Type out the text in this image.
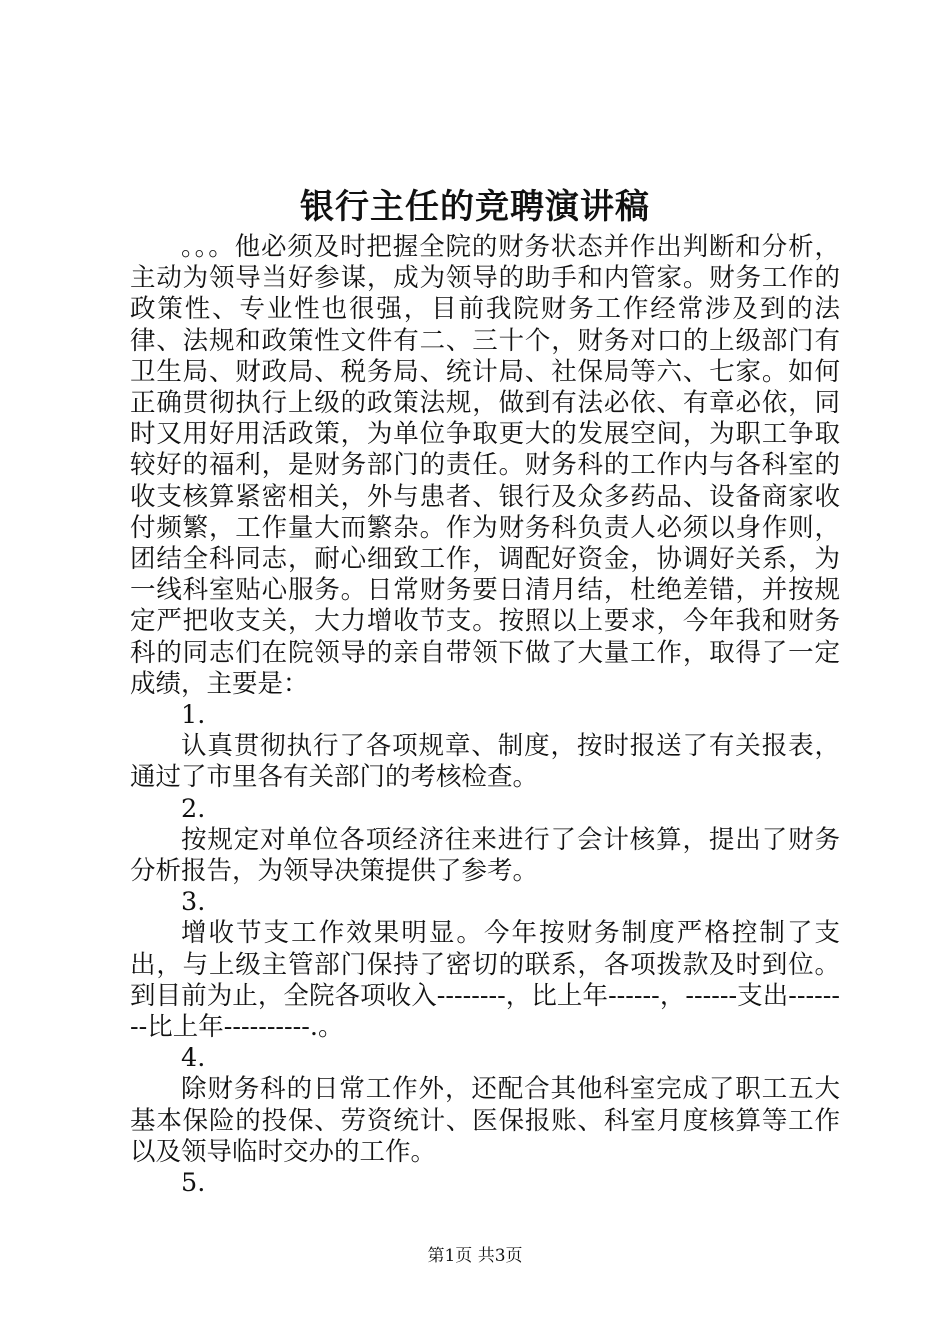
银行主任的竞聘演讲稿

。。。他必须及时把握全院的财务状态并作出判断和分析，主动为领导当好参谋，成为领导的助手和内管家。财务工作的政策性、专业性也很强，目前我院财务工作经常涉及到的法律、法规和政策性文件有二、三十个，财务对口的上级部门有卫生局、财政局、税务局、统计局、社保局等六、七家。如何正确贯彻执行上级的政策法规，做到有法必依、有章必依，同时又用好用活政策，为单位争取更大的发展空间，为职工争取较好的福利，是财务部门的责任。财务科的工作内与各科室的收支核算紧密相关，外与患者、银行及众多药品、设备商家收付频繁，工作量大而繁杂。作为财务科负责人必须以身作则，团结全科同志，耐心细致工作，调配好资金，协调好关系，为一线科室贴心服务。日常财务要日清月结，杜绝差错，并按规定严把收支关，大力增收节支。按照以上要求，今年我和财务科的同志们在院领导的亲自带领下做了大量工作，取得了一定成绩，主要是：

1.

认真贯彻执行了各项规章、制度，按时报送了有关报表，通过了市里各有关部门的考核检查。

2.

按规定对单位各项经济往来进行了会计核算，提出了财务分析报告，为领导决策提供了参考。

3.

增收节支工作效果明显。今年按财务制度严格控制了支出，与上级主管部门保持了密切的联系，各项拨款及时到位。到目前为止，全院各项收入--------，比上年------，------支出--------比上年----------.。

4.

除财务科的日常工作外，还配合其他科室完成了职工五大基本保险的投保、劳资统计、医保报账、科室月度核算等工作以及领导临时交办的工作。

5.

第1页 共3页
